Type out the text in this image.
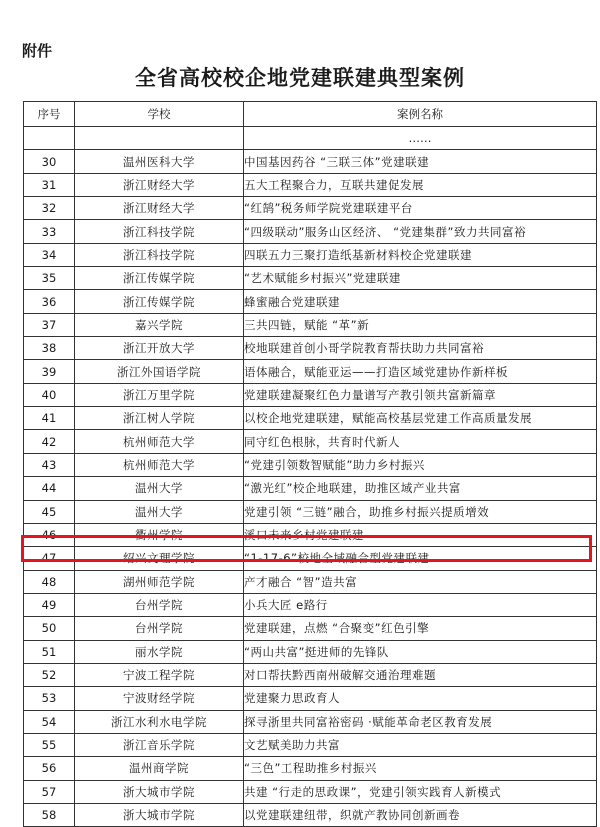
附件
全省高校校企地党建联建典型案例
序号	学校	案例名称
		……
30	温州医科大学	中国基因药谷 “三联三体”党建联建
31	浙江财经大学	五大工程聚合力，互联共建促发展
32	浙江财经大学	“红鹄”税务师学院党建联建平台
33	浙江科技学院	“四级联动”服务山区经济、 “党建集群”致力共同富裕
34	浙江科技学院	四联五力三聚打造纸基新材料校企党建联建
35	浙江传媒学院	“艺术赋能乡村振兴”党建联建
36	浙江传媒学院	蜂蜜融合党建联建
37	嘉兴学院	三共四链，赋能 “革”新
38	浙江开放大学	校地联建首创小哥学院教育帮扶助力共同富裕
39	浙江外国语学院	语体融合，赋能亚运——打造区域党建协作新样板
40	浙江万里学院	党建联建凝聚红色力量谱写产教引领共富新篇章
41	浙江树人学院	以校企地党建联建，赋能高校基层党建工作高质量发展
42	杭州师范大学	同守红色根脉，共育时代新人
43	杭州师范大学	“党建引领数智赋能”助力乡村振兴
44	温州大学	“激光红”校企地联建，助推区域产业共富
45	温州大学	党建引领 “三链”融合，助推乡村振兴提质增效
46	衢州学院	溪口未来乡村党建联建
47	绍兴文理学院	“1-17-6”校地全域融合型党建联建
48	湖州师范学院	产才融合 “智”造共富
49	台州学院	小兵大匠 e路行
50	台州学院	党建联建，点燃 “合聚变”红色引擎
51	丽水学院	“两山共富”挺进师的先锋队
52	宁波工程学院	对口帮扶黔西南州破解交通治理难题
53	宁波财经学院	党建聚力思政育人
54	浙江水利水电学院	探寻浙里共同富裕密码 ·赋能革命老区教育发展
55	浙江音乐学院	文艺赋美助力共富
56	温州商学院	“三色”工程助推乡村振兴
57	浙大城市学院	共建 “行走的思政课”，党建引领实践育人新模式
58	浙大城市学院	以党建联建纽带，织就产教协同创新画卷
